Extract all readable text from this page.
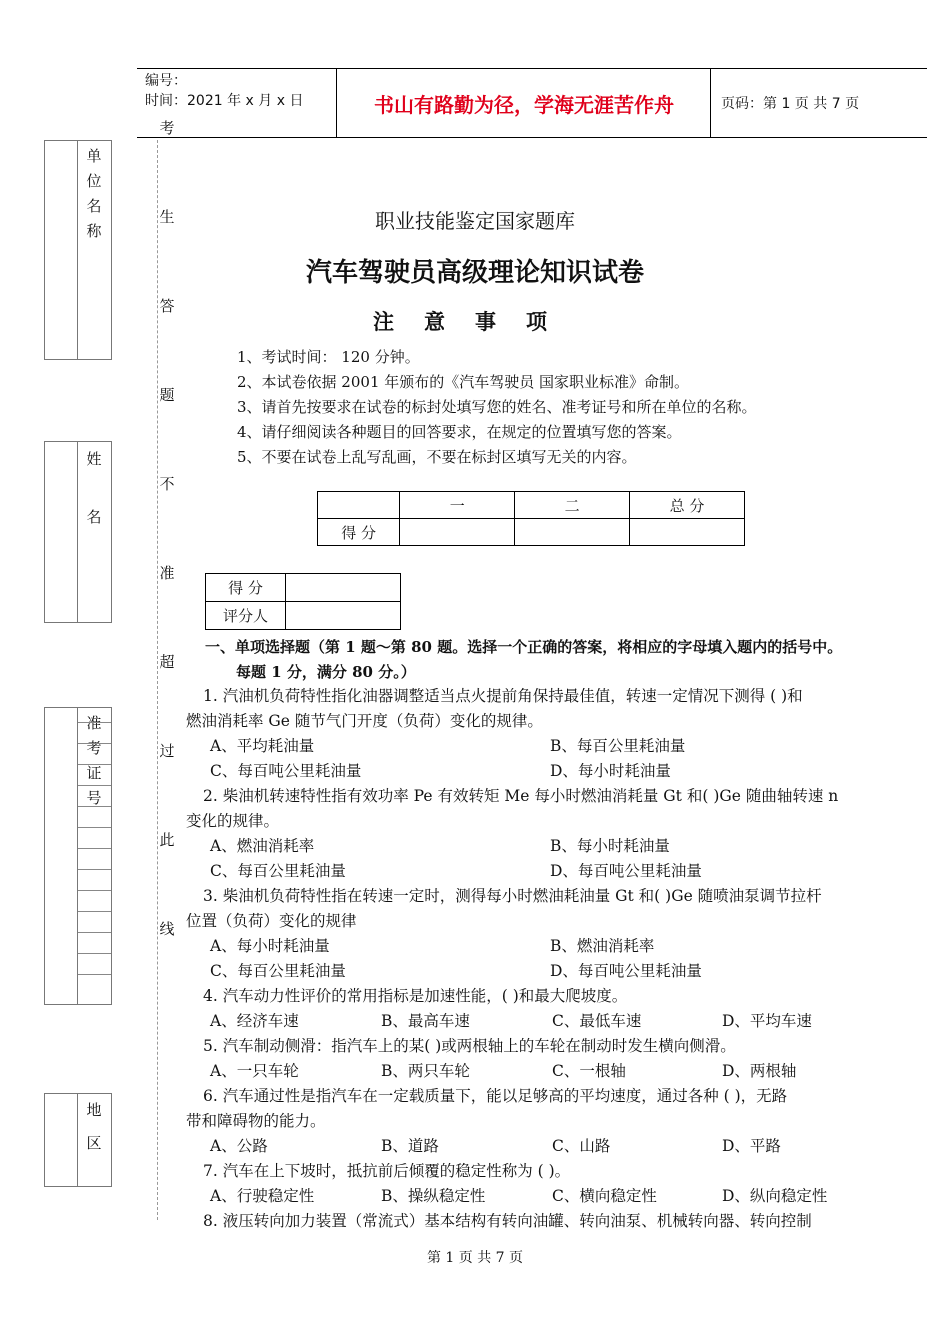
编号：
时间：2021 年 x 月 x 日	书山有路勤为径，学海无涯苦作舟	页码：第 1 页 共 7 页
单
位
名
称
姓
名
准
考
证
号
地
区
考
生
答
题
不
准
超
过
此
线
职业技能鉴定国家题库
汽车驾驶员高级理论知识试卷
注意事项
1、考试时间： 120 分钟。
2、本试卷依据 2001 年颁布的《汽车驾驶员 国家职业标准》命制。
3、请首先按要求在试卷的标封处填写您的姓名、准考证号和所在单位的名称。
4、请仔细阅读各种题目的回答要求，在规定的位置填写您的答案。
5、不要在试卷上乱写乱画，不要在标封区填写无关的内容。
	一	二	总 分
得 分			
得 分	
评分人	
一、单项选择题（第 1 题～第 80 题。选择一个正确的答案，将相应的字母填入题内的括号中。
每题 1 分，满分 80 分。）
1. 汽油机负荷特性指化油器调整适当点火提前角保持最佳值，转速一定情况下测得 ( )和
燃油消耗率 Ge 随节气门开度（负荷）变化的规律。
A、平均耗油量	B、每百公里耗油量
C、每百吨公里耗油量	D、每小时耗油量
2. 柴油机转速特性指有效功率 Pe 有效转矩 Me 每小时燃油消耗量 Gt 和( )Ge 随曲轴转速 n
变化的规律。
A、燃油消耗率	B、每小时耗油量
C、每百公里耗油量	D、每百吨公里耗油量
3. 柴油机负荷特性指在转速一定时，测得每小时燃油耗油量 Gt 和( )Ge 随喷油泵调节拉杆
位置（负荷）变化的规律
A、每小时耗油量	B、燃油消耗率
C、每百公里耗油量	D、每百吨公里耗油量
4. 汽车动力性评价的常用指标是加速性能，( )和最大爬坡度。
A、经济车速	B、最高车速	C、最低车速	D、平均车速
5. 汽车制动侧滑：指汽车上的某( )或两根轴上的车轮在制动时发生横向侧滑。
A、一只车轮	B、两只车轮	C、一根轴	D、两根轴
6. 汽车通过性是指汽车在一定载质量下，能以足够高的平均速度，通过各种 ( )，无路
带和障碍物的能力。
A、公路	B、道路	C、山路	D、平路
7. 汽车在上下坡时，抵抗前后倾覆的稳定性称为 ( )。
A、行驶稳定性	B、操纵稳定性	C、横向稳定性	D、纵向稳定性
8. 液压转向加力装置（常流式）基本结构有转向油罐、转向油泵、机械转向器、转向控制
第 1 页 共 7 页
